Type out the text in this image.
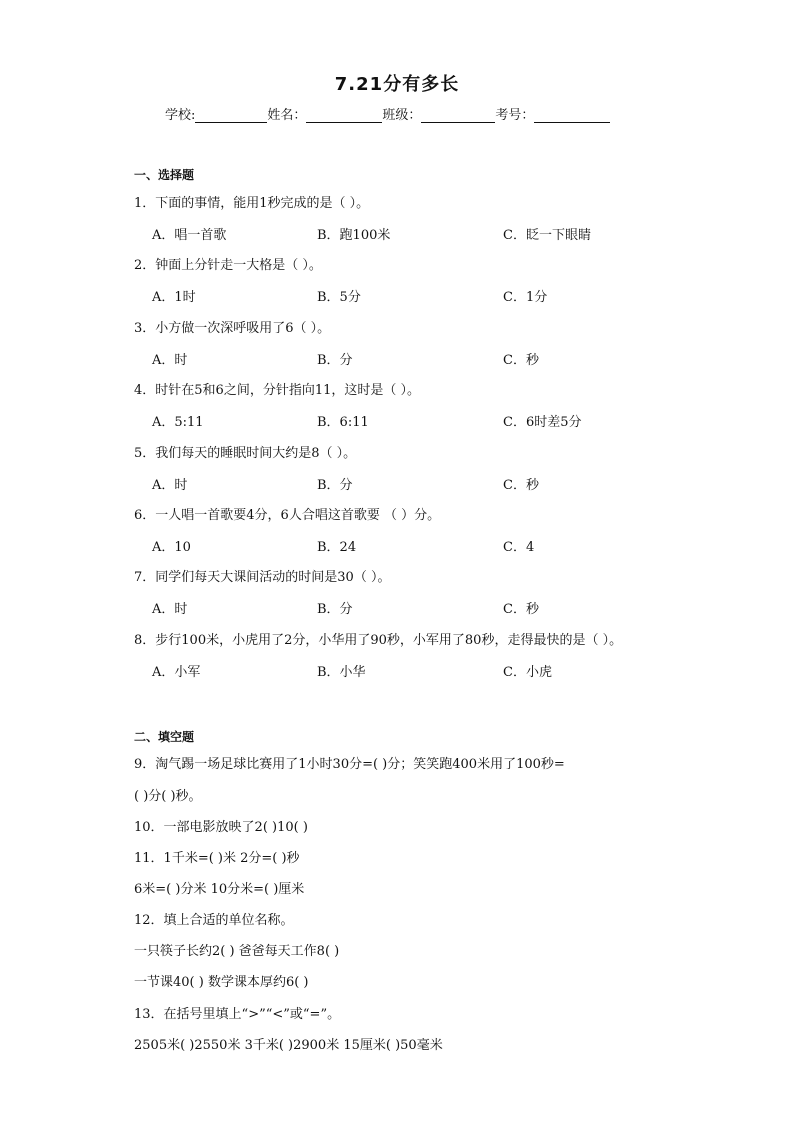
7.21分有多长
学校:	姓名：	班级：	考号：
一、选择题
1．下面的事情，能用1秒完成的是（ ）。
A．唱一首歌	B．跑100米	C．眨一下眼睛
2．钟面上分针走一大格是（ ）。
A．1时	B．5分	C．1分
3．小方做一次深呼吸用了6（ ）。
A．时	B．分	C．秒
4．时针在5和6之间，分针指向11，这时是（ ）。
A．5:11	B．6:11	C．6时差5分
5．我们每天的睡眠时间大约是8（ ）。
A．时	B．分	C．秒
6．一人唱一首歌要4分，6人合唱这首歌要 （ ）分。
A．10	B．24	C．4
7．同学们每天大课间活动的时间是30（ ）。
A．时	B．分	C．秒
8．步行100米，小虎用了2分，小华用了90秒，小军用了80秒，走得最快的是（ ）。
A．小军	B．小华	C．小虎
二、填空题
9．淘气踢一场足球比赛用了1小时30分=( )分；笑笑跑400米用了100秒=
( )分( )秒。
10．一部电影放映了2( )10( )
11．1千米=( )米 2分=( )秒
6米=( )分米 10分米=( )厘米
12．填上合适的单位名称。
一只筷子长约2( ) 爸爸每天工作8( )
一节课40( ) 数学课本厚约6( )
13．在括号里填上“>”“<”或“=”。
2505米( )2550米 3千米( )2900米 15厘米( )50毫米
